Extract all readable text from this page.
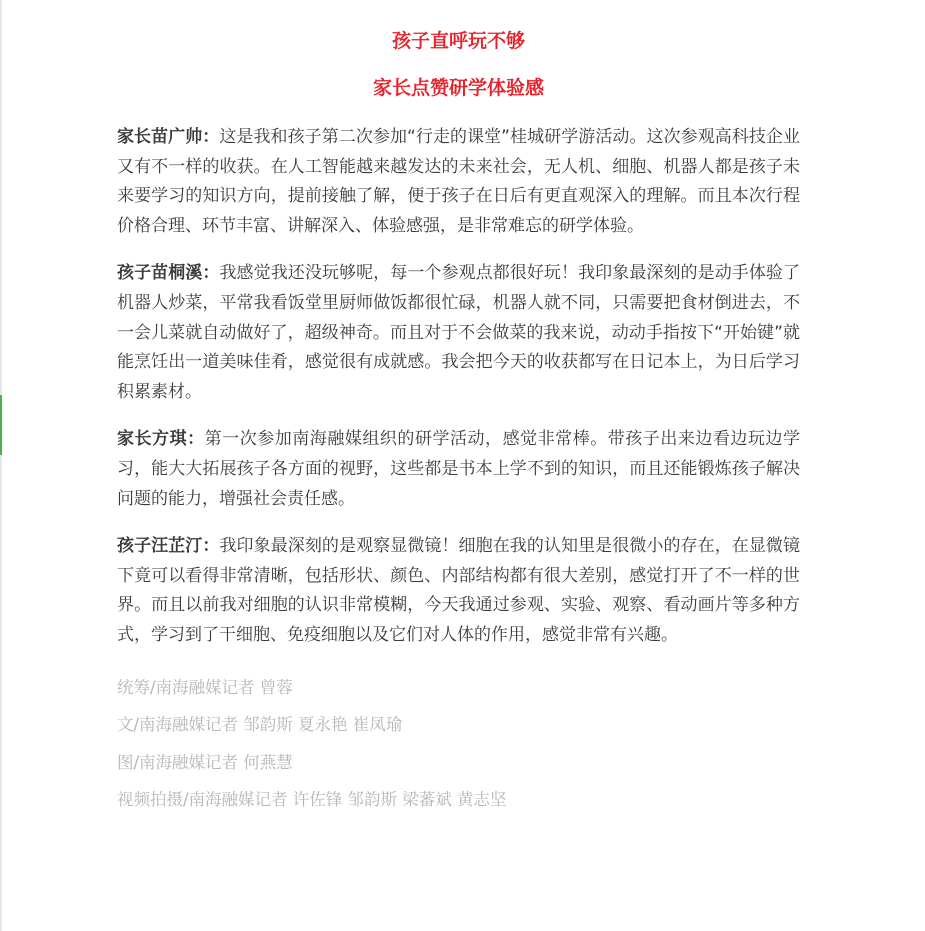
孩子直呼玩不够
家长点赞研学体验感

家长苗广帅：这是我和孩子第二次参加“行走的课堂”桂城研学游活动。这次参观高科技企业又有不一样的收获。在人工智能越来越发达的未来社会，无人机、细胞、机器人都是孩子未来要学习的知识方向，提前接触了解，便于孩子在日后有更直观深入的理解。而且本次行程价格合理、环节丰富、讲解深入、体验感强，是非常难忘的研学体验。

孩子苗桐溪：我感觉我还没玩够呢，每一个参观点都很好玩！我印象最深刻的是动手体验了机器人炒菜，平常我看饭堂里厨师做饭都很忙碌，机器人就不同，只需要把食材倒进去，不一会儿菜就自动做好了，超级神奇。而且对于不会做菜的我来说，动动手指按下“开始键”就能烹饪出一道美味佳肴，感觉很有成就感。我会把今天的收获都写在日记本上，为日后学习积累素材。

家长方琪：第一次参加南海融媒组织的研学活动，感觉非常棒。带孩子出来边看边玩边学习，能大大拓展孩子各方面的视野，这些都是书本上学不到的知识，而且还能锻炼孩子解决问题的能力，增强社会责任感。

孩子汪芷汀：我印象最深刻的是观察显微镜！细胞在我的认知里是很微小的存在，在显微镜下竟可以看得非常清晰，包括形状、颜色、内部结构都有很大差别，感觉打开了不一样的世界。而且以前我对细胞的认识非常模糊，今天我通过参观、实验、观察、看动画片等多种方式，学习到了干细胞、免疫细胞以及它们对人体的作用，感觉非常有兴趣。

统筹/南海融媒记者 曾蓉

文/南海融媒记者 邹韵斯 夏永艳 崔凤瑜

图/南海融媒记者 何燕慧

视频拍摄/南海融媒记者 许佐锋 邹韵斯 梁蕃斌 黄志坚
